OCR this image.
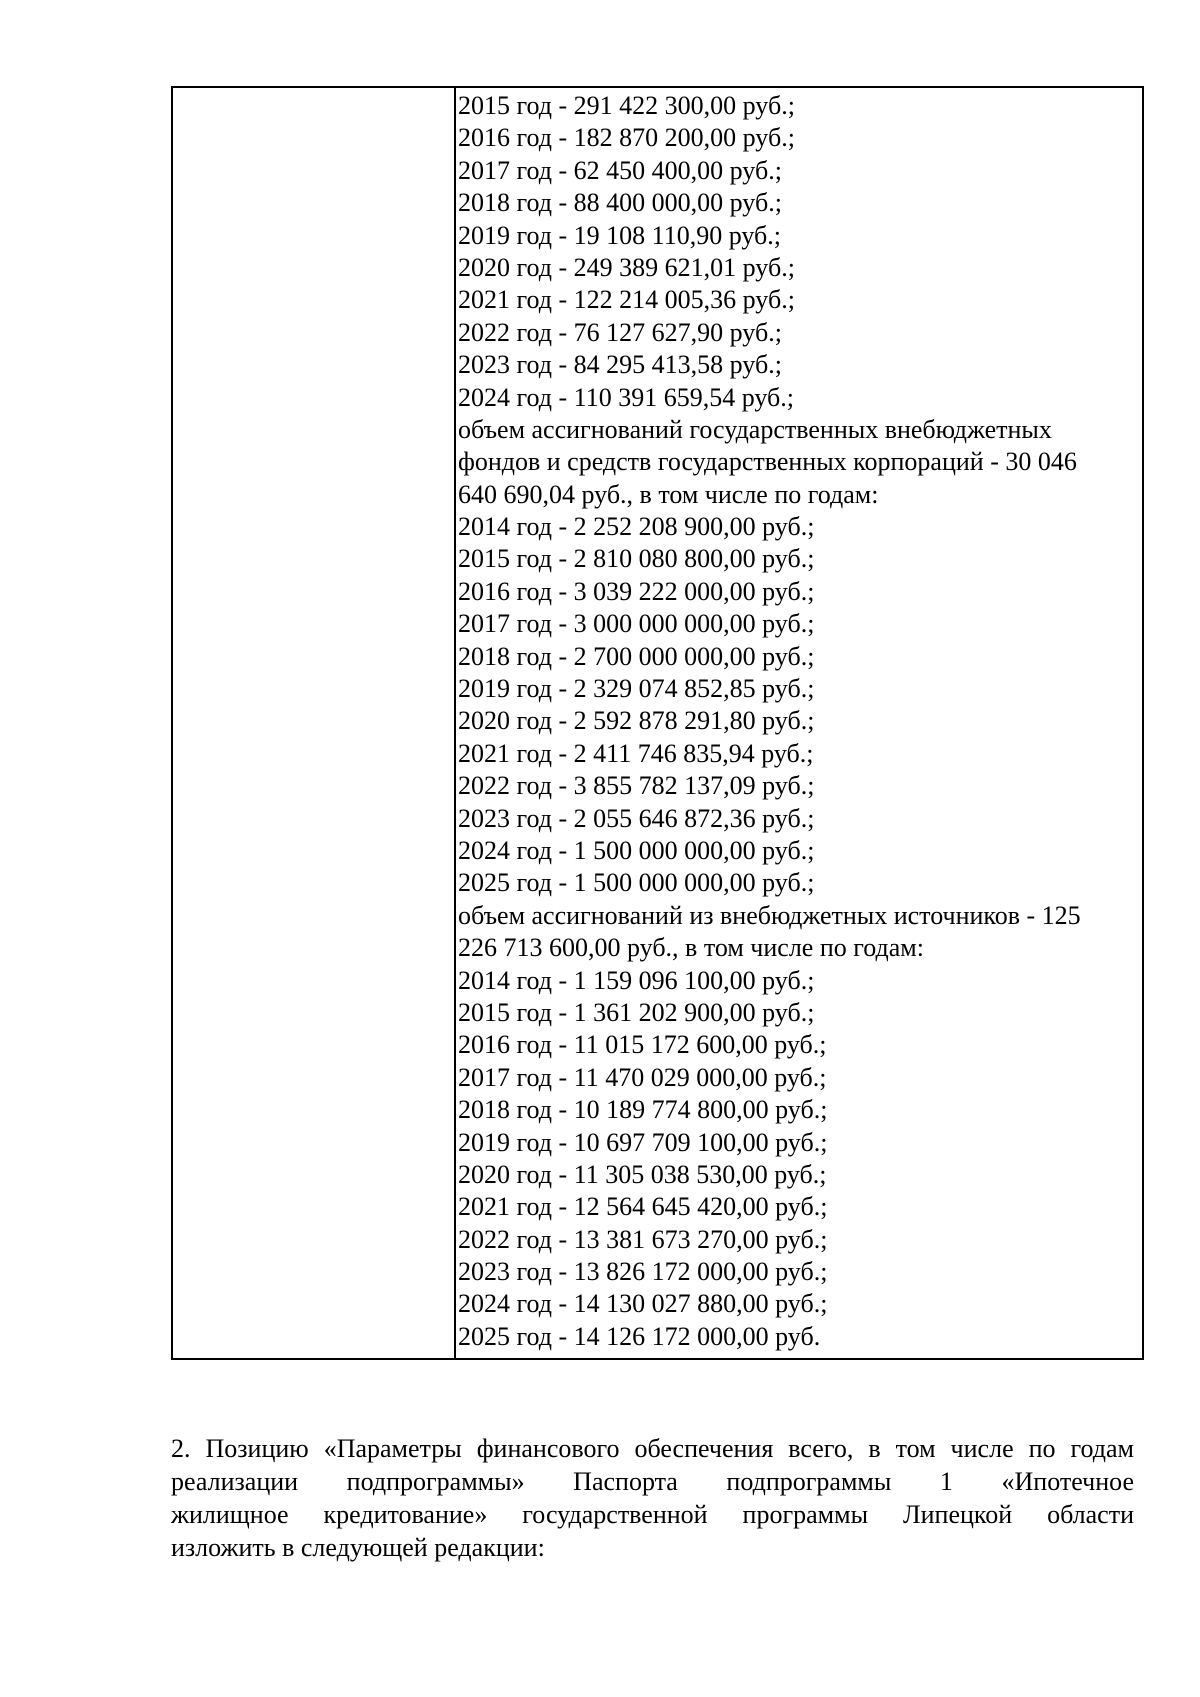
2015 год - 291 422 300,00 руб.;
2016 год - 182 870 200,00 руб.;
2017 год - 62 450 400,00 руб.;
2018 год - 88 400 000,00 руб.;
2019 год - 19 108 110,90 руб.;
2020 год - 249 389 621,01 руб.;
2021 год - 122 214 005,36 руб.;
2022 год - 76 127 627,90 руб.;
2023 год - 84 295 413,58 руб.;
2024 год - 110 391 659,54 руб.;
объем ассигнований государственных внебюджетных
фондов и средств государственных корпораций - 30 046
640 690,04 руб., в том числе по годам:
2014 год - 2 252 208 900,00 руб.;
2015 год - 2 810 080 800,00 руб.;
2016 год - 3 039 222 000,00 руб.;
2017 год - 3 000 000 000,00 руб.;
2018 год - 2 700 000 000,00 руб.;
2019 год - 2 329 074 852,85 руб.;
2020 год - 2 592 878 291,80 руб.;
2021 год - 2 411 746 835,94 руб.;
2022 год - 3 855 782 137,09 руб.;
2023 год - 2 055 646 872,36 руб.;
2024 год - 1 500 000 000,00 руб.;
2025 год - 1 500 000 000,00 руб.;
объем ассигнований из внебюджетных источников - 125
226 713 600,00 руб., в том числе по годам:
2014 год - 1 159 096 100,00 руб.;
2015 год - 1 361 202 900,00 руб.;
2016 год - 11 015 172 600,00 руб.;
2017 год - 11 470 029 000,00 руб.;
2018 год - 10 189 774 800,00 руб.;
2019 год - 10 697 709 100,00 руб.;
2020 год - 11 305 038 530,00 руб.;
2021 год - 12 564 645 420,00 руб.;
2022 год - 13 381 673 270,00 руб.;
2023 год - 13 826 172 000,00 руб.;
2024 год - 14 130 027 880,00 руб.;
2025 год - 14 126 172 000,00 руб.
2. Позицию «Параметры финансового обеспечения всего, в том числе по годам
реализации подпрограммы» Паспорта подпрограммы 1 «Ипотечное
жилищное кредитование» государственной программы Липецкой области
изложить в следующей редакции:
